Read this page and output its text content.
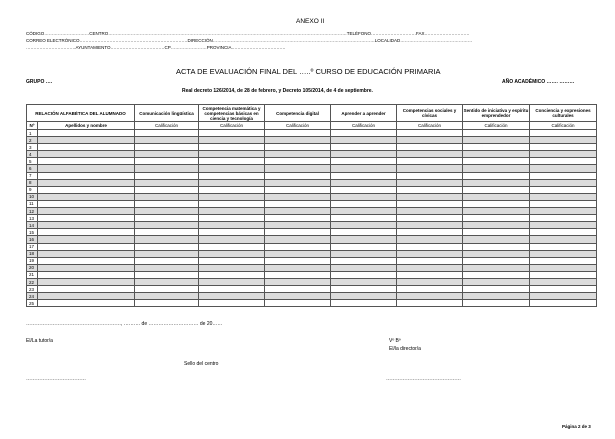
ANEXO II
CÓDIGO…………………………CENTRO……………………………………………………………………………………………………………………………………………TELÉFONO…………………………FAX…………………………
CORREO ELECTRÓNICO………………………………………………………………DIRECCIÓN………………………………………………………………………………………………LOCALIDAD…………………………………………
……………………………AYUNTAMIENTO………………………………CP……………………PROVINCIA………………………………
ACTA DE EVALUACIÓN FINAL DEL …..º CURSO DE EDUCACIÓN PRIMARIA
GRUPO ….	AÑO ACADÉMICO ……. ………
Real decreto 126/2014, de 28 de febrero, y Decreto 105/2014, de 4 de septiembre.
RELACIÓN ALFABÉTICA DEL ALUMNADO		Comunicación lingüística	Competencia matemática y competencias básicas en ciencia y tecnología	Competencia digital	Aprender a aprender	Competencias sociales y cívicas	Sentido de iniciativa y espíritu emprendedor	Conciencia y expresiones culturales
Nº	Apellidos y nombre	Calificación	Calificación	Calificación	Calificación	Calificación	Calificación	Calificación
1								
2								
3								
4								
5								
6								
7								
8								
9								
10								
11								
12								
13								
14								
15								
16								
17								
18								
19								
20								
21								
22								
23								
24								
25								
…………………………………………………, ………. de ………………………… de 20……
El/La tutor/a	Vº Bº
El/la director/a
Sello del centro
………………………………	………………………………………
Página 2 de 3
